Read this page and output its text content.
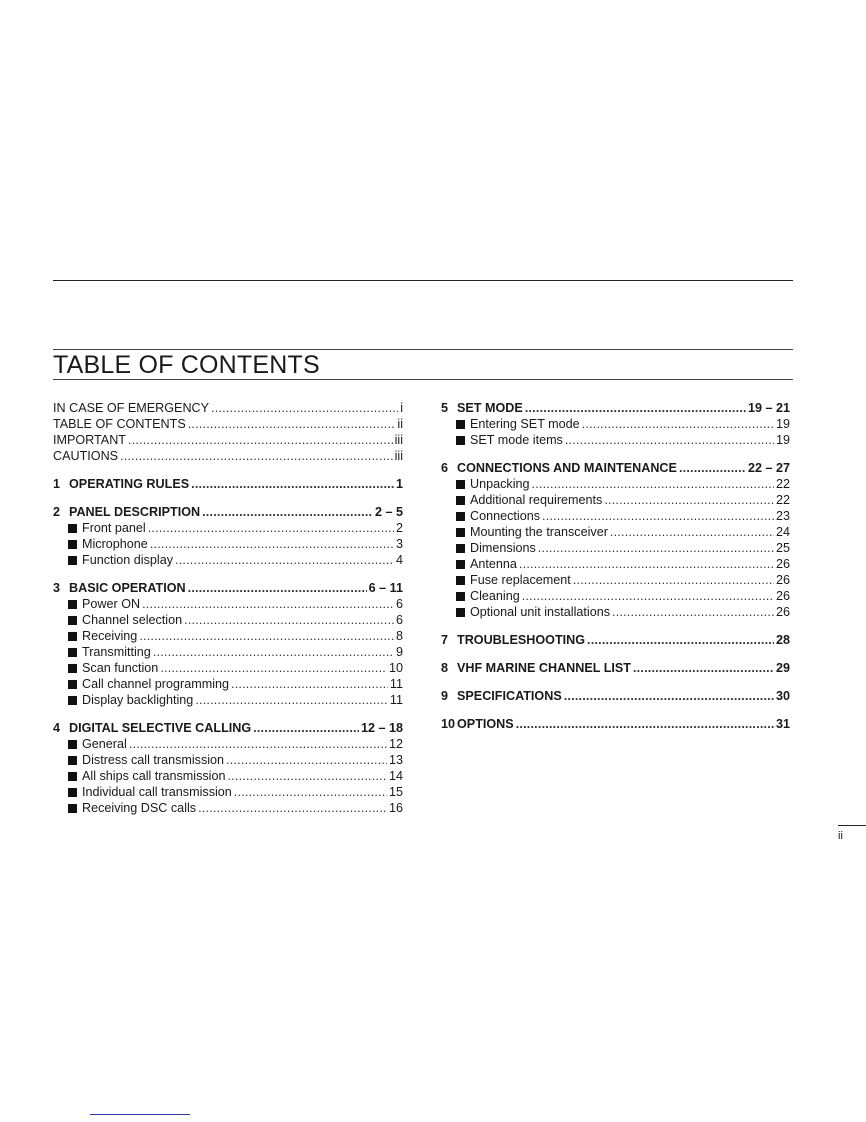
TABLE OF CONTENTS
IN CASE OF EMERGENCY .....	i
TABLE OF CONTENTS .....	ii
IMPORTANT .....	iii
CAUTIONS .....	iii
1 OPERATING RULES .....	1
2 PANEL DESCRIPTION .....	2 – 5
Front panel .....	2
Microphone .....	3
Function display .....	4
3 BASIC OPERATION .....	6 – 11
Power ON .....	6
Channel selection .....	6
Receiving .....	8
Transmitting .....	9
Scan function .....	10
Call channel programming .....	11
Display backlighting .....	11
4 DIGITAL SELECTIVE CALLING .....	12 – 18
General .....	12
Distress call transmission .....	13
All ships call transmission .....	14
Individual call transmission .....	15
Receiving DSC calls .....	16
5 SET MODE .....	19 – 21
Entering SET mode .....	19
SET mode items .....	19
6 CONNECTIONS AND MAINTENANCE .....	22 – 27
Unpacking .....	22
Additional requirements .....	22
Connections .....	23
Mounting the transceiver .....	24
Dimensions .....	25
Antenna .....	26
Fuse replacement .....	26
Cleaning .....	26
Optional unit installations .....	26
7 TROUBLESHOOTING .....	28
8 VHF MARINE CHANNEL LIST .....	29
9 SPECIFICATIONS .....	30
10 OPTIONS .....	31
ii
